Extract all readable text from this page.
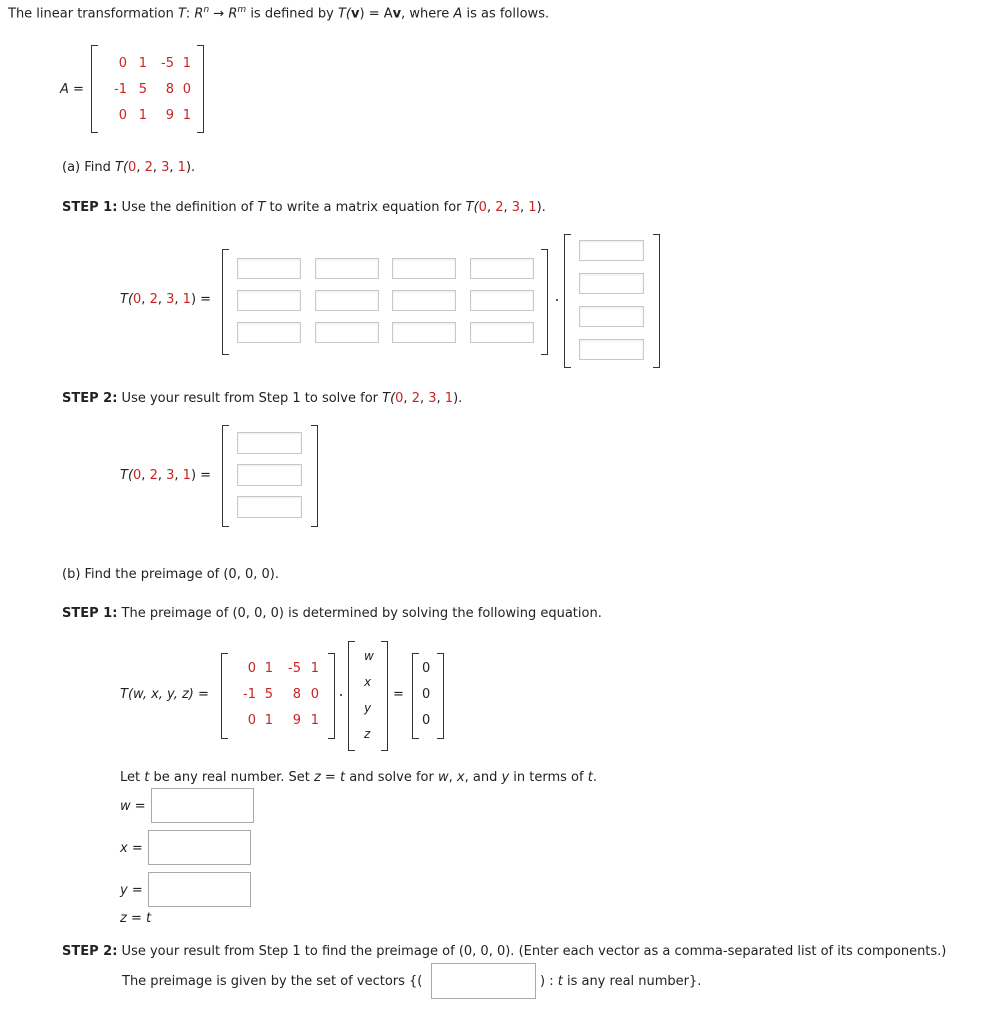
The linear transformation T: $R^n \to R^m$ is defined by T(v) = Av, where A is as follows.
A =
0 1	-5 1
-1 5	8 0
0 1	9 1
(a) Find T(0, 2, 3, 1).
STEP 1: Use the definition of T to write a matrix equation for T(0, 2, 3, 1).
T(0, 2, 3, 1) =
STEP 2: Use your result from Step 1 to solve for T(0, 2, 3, 1).
T(0, 2, 3, 1) =
(b) Find the preimage of (0, 0, 0).
STEP 1: The preimage of (0, 0, 0) is determined by solving the following equation.
T(w, x, y, z) =
0 1	-5 1
-1 5	8 0
0 1	9 1
w
x
y
z
=
0
0
0
Let t be any real number. Set z = t and solve for w, x, and y in terms of t.
w =
x =
y =
z = t
STEP 2: Use your result from Step 1 to find the preimage of (0, 0, 0). (Enter each vector as a comma-separated list of its components.)
The preimage is given by the set of vectors {(	) : t is any real number}.
